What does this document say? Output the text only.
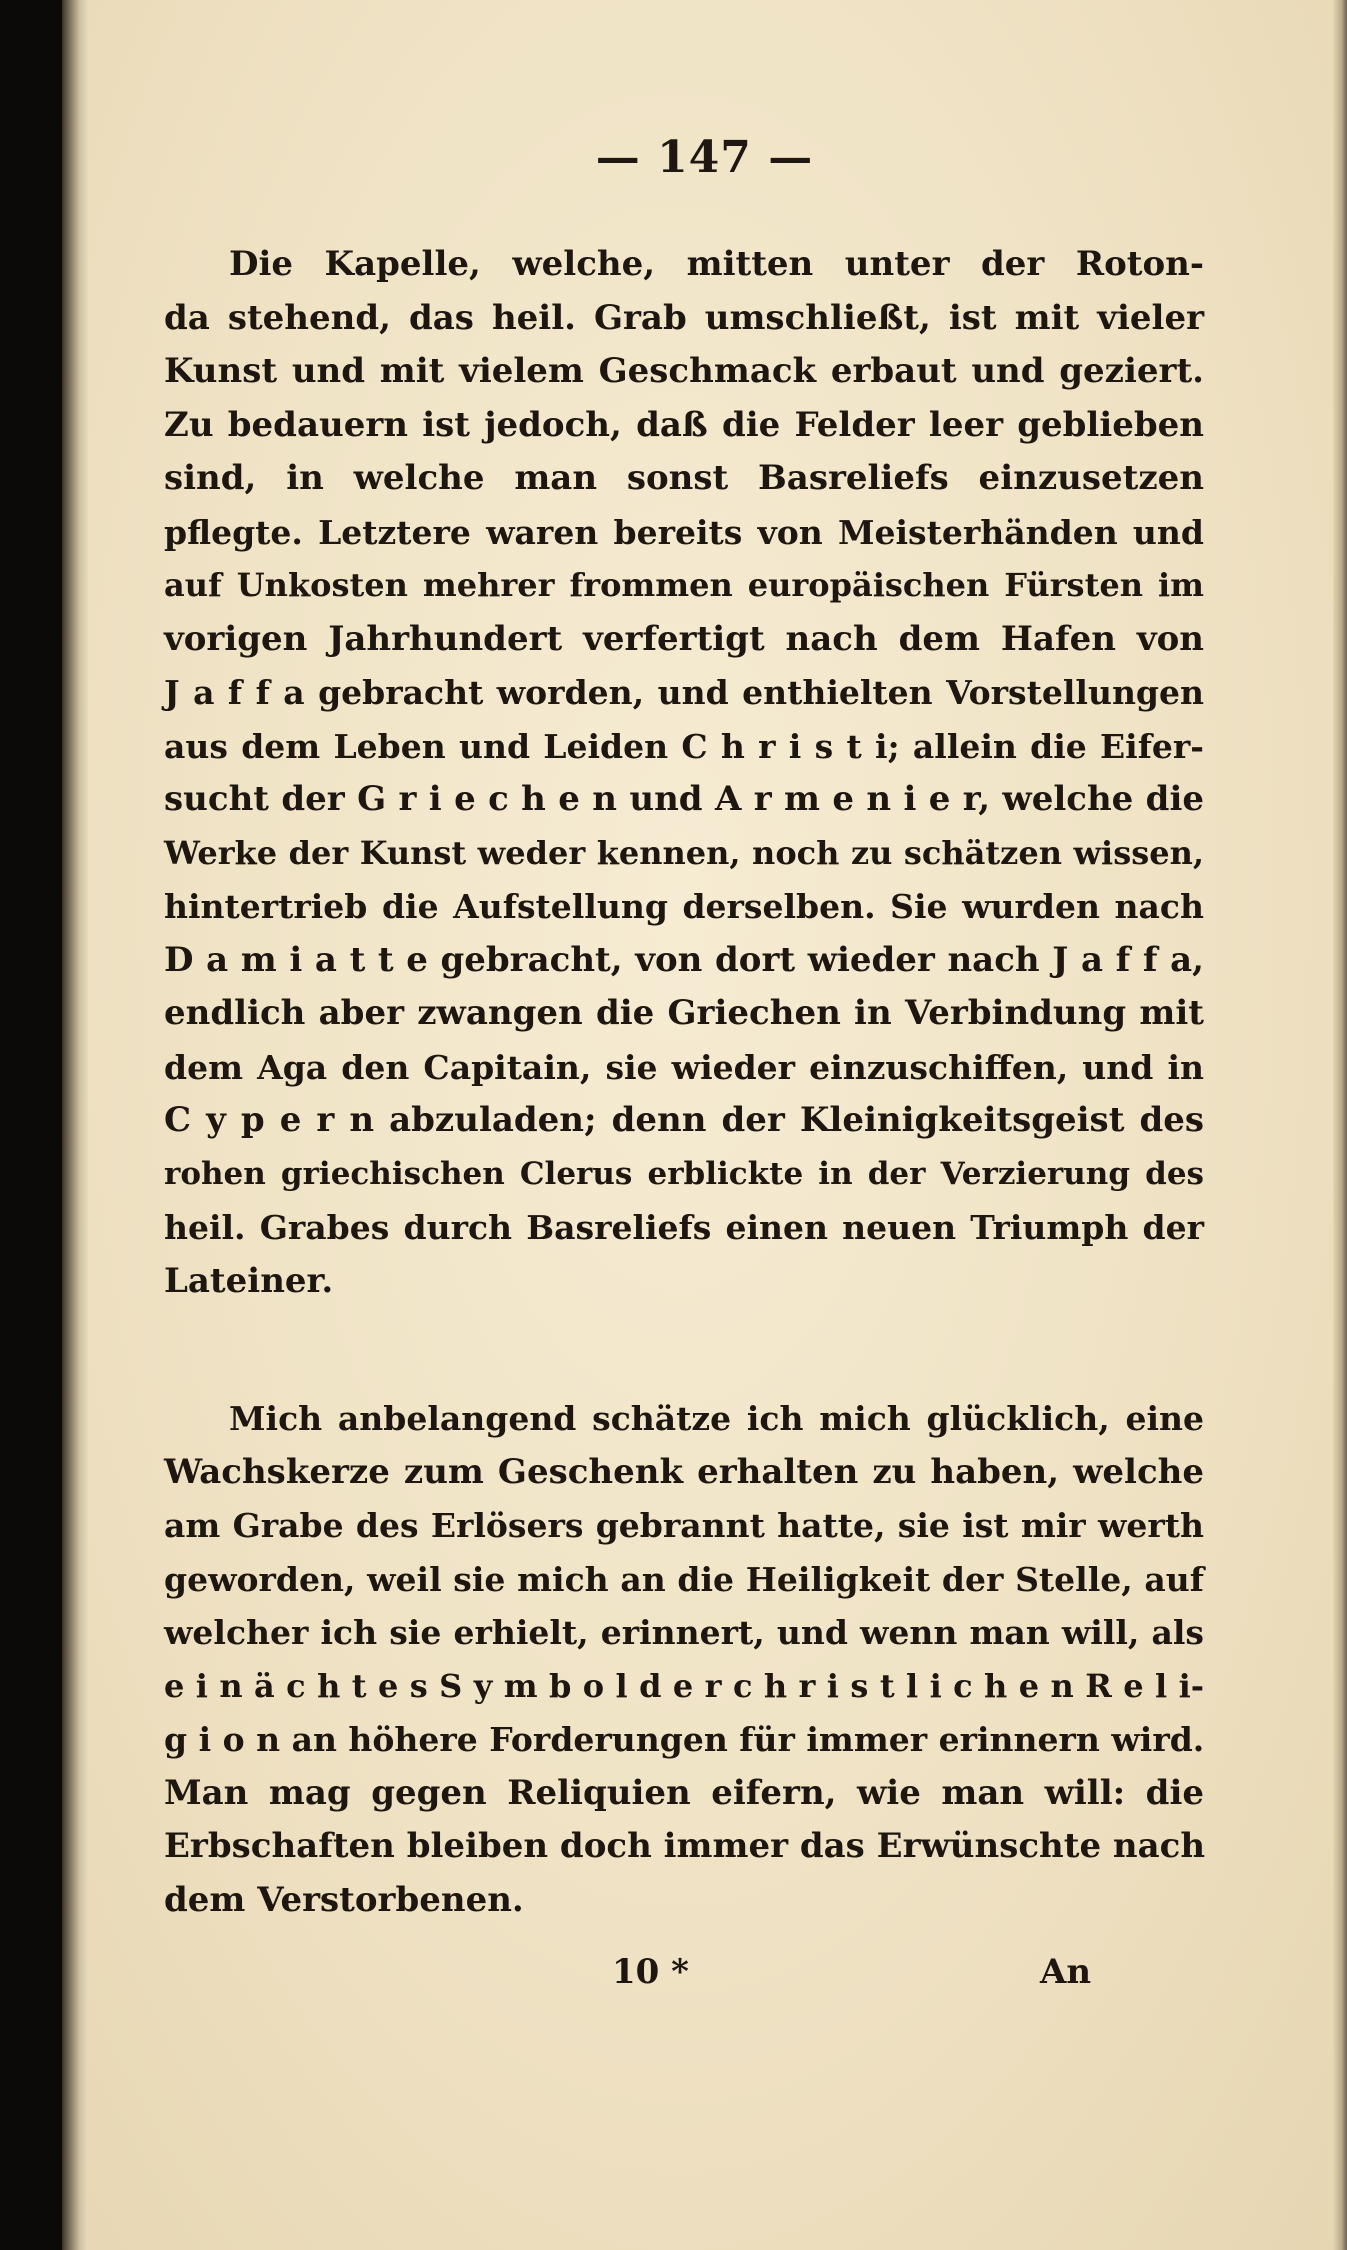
— 147 —
Die Kapelle, welche, mitten unter der Roton-
da stehend, das heil. Grab umschließt, ist mit vieler
Kunst und mit vielem Geschmack erbaut und geziert.
Zu bedauern ist jedoch, daß die Felder leer geblieben
sind, in welche man sonst Basreliefs einzusetzen
pflegte. Letztere waren bereits von Meisterhänden und
auf Unkosten mehrer frommen europäischen Fürsten im
vorigen Jahrhundert verfertigt nach dem Hafen von
J a f f a gebracht worden, und enthielten Vorstellungen
aus dem Leben und Leiden C h r i s t i; allein die Eifer-
sucht der G r i e c h e n und A r m e n i e r, welche die
Werke der Kunst weder kennen, noch zu schätzen wissen,
hintertrieb die Aufstellung derselben. Sie wurden nach
D a m i a t t e gebracht, von dort wieder nach J a f f a,
endlich aber zwangen die Griechen in Verbindung mit
dem Aga den Capitain, sie wieder einzuschiffen, und in
C y p e r n abzuladen; denn der Kleinigkeitsgeist des
rohen griechischen Clerus erblickte in der Verzierung des
heil. Grabes durch Basreliefs einen neuen Triumph der
Lateiner.
Mich anbelangend schätze ich mich glücklich, eine
Wachskerze zum Geschenk erhalten zu haben, welche
am Grabe des Erlösers gebrannt hatte, sie ist mir werth
geworden, weil sie mich an die Heiligkeit der Stelle, auf
welcher ich sie erhielt, erinnert, und wenn man will, als
e i n ä c h t e s S y m b o l d e r c h r i s t l i c h e n R e l i-
g i o n an höhere Forderungen für immer erinnern wird.
Man mag gegen Reliquien eifern, wie man will: die
Erbschaften bleiben doch immer das Erwünschte nach
dem Verstorbenen.
10 *	An
